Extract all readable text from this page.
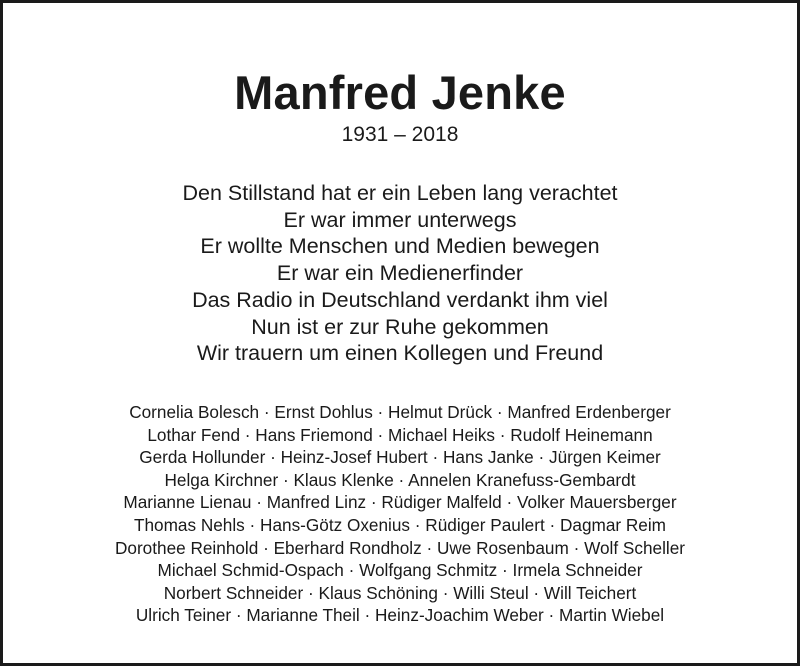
Manfred Jenke
1931 – 2018
Den Stillstand hat er ein Leben lang verachtet
Er war immer unterwegs
Er wollte Menschen und Medien bewegen
Er war ein Medienerfinder
Das Radio in Deutschland verdankt ihm viel
Nun ist er zur Ruhe gekommen
Wir trauern um einen Kollegen und Freund
Cornelia Bolesch · Ernst Dohlus · Helmut Drück · Manfred Erdenberger
Lothar Fend · Hans Friemond · Michael Heiks · Rudolf Heinemann
Gerda Hollunder · Heinz-Josef Hubert · Hans Janke · Jürgen Keimer
Helga Kirchner · Klaus Klenke · Annelen Kranefuss-Gembardt
Marianne Lienau · Manfred Linz · Rüdiger Malfeld · Volker Mauersberger
Thomas Nehls · Hans-Götz Oxenius · Rüdiger Paulert · Dagmar Reim
Dorothee Reinhold · Eberhard Rondholz · Uwe Rosenbaum · Wolf Scheller
Michael Schmid-Ospach · Wolfgang Schmitz · Irmela Schneider
Norbert Schneider · Klaus Schöning · Willi Steul · Will Teichert
Ulrich Teiner · Marianne Theil · Heinz-Joachim Weber · Martin Wiebel
